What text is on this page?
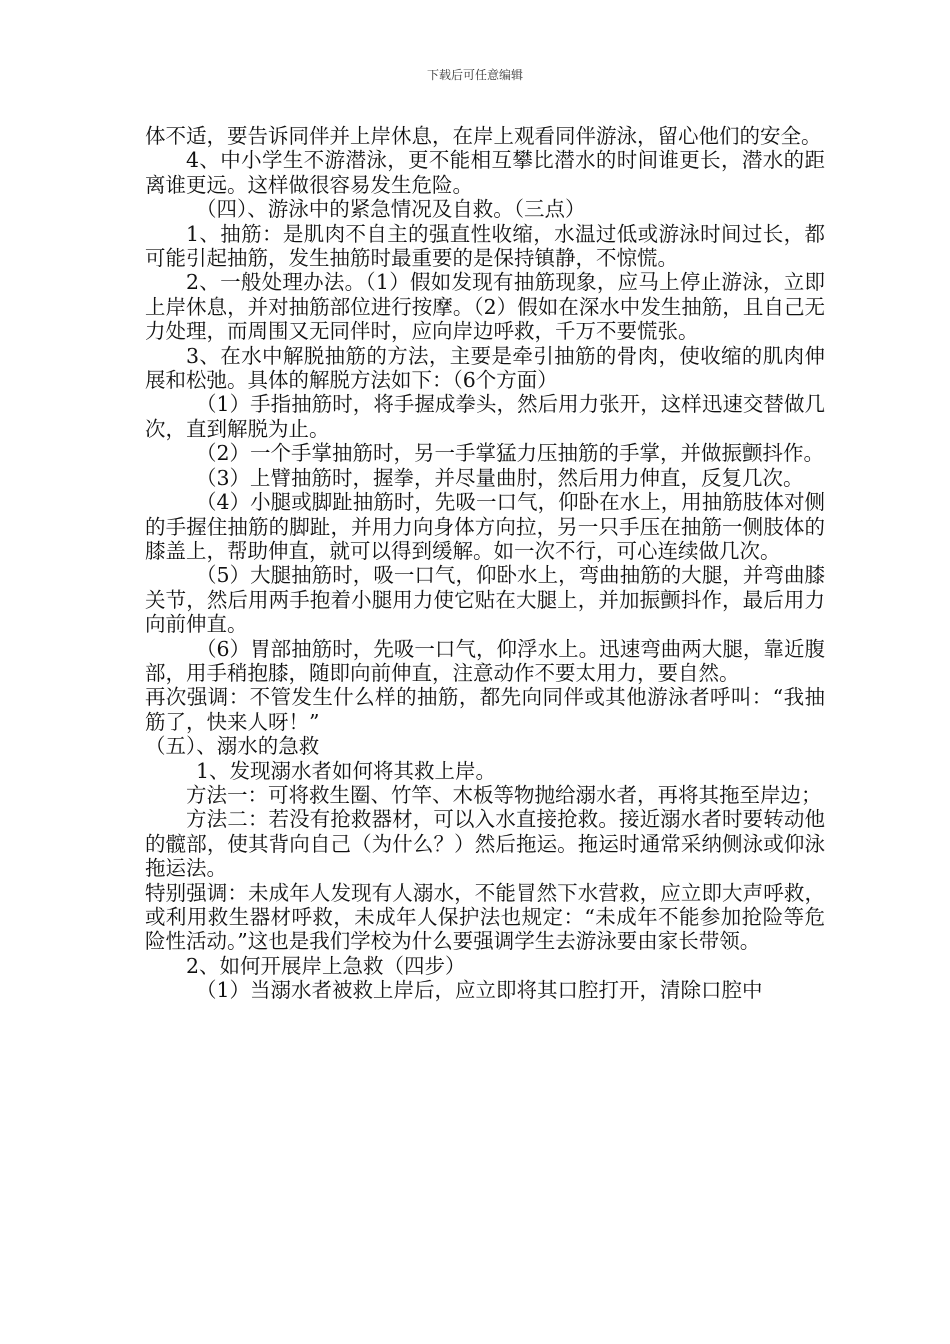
下载后可任意编辑

体不适，要告诉同伴并上岸休息，在岸上观看同伴游泳，留心他们的安全。

4、中小学生不游潜泳，更不能相互攀比潜水的时间谁更长，潜水的距离谁更远。这样做很容易发生危险。

（四）、游泳中的紧急情况及自救。（三点）

1、抽筋：是肌肉不自主的强直性收缩，水温过低或游泳时间过长，都可能引起抽筋，发生抽筋时最重要的是保持镇静，不惊慌。

2、一般处理办法。（1）假如发现有抽筋现象，应马上停止游泳，立即上岸休息，并对抽筋部位进行按摩。（2）假如在深水中发生抽筋，且自己无力处理，而周围又无同伴时，应向岸边呼救，千万不要慌张。

3、在水中解脱抽筋的方法，主要是牵引抽筋的骨肉，使收缩的肌肉伸展和松弛。具体的解脱方法如下：（6个方面）

（1）手指抽筋时，将手握成拳头，然后用力张开，这样迅速交替做几次，直到解脱为止。

（2）一个手掌抽筋时，另一手掌猛力压抽筋的手掌，并做振颤抖作。

（3）上臂抽筋时，握拳，并尽量曲肘，然后用力伸直，反复几次。

（4）小腿或脚趾抽筋时，先吸一口气，仰卧在水上，用抽筋肢体对侧的手握住抽筋的脚趾，并用力向身体方向拉，另一只手压在抽筋一侧肢体的膝盖上，帮助伸直，就可以得到缓解。如一次不行，可心连续做几次。

（5）大腿抽筋时，吸一口气，仰卧水上，弯曲抽筋的大腿，并弯曲膝关节，然后用两手抱着小腿用力使它贴在大腿上，并加振颤抖作，最后用力向前伸直。

（6）胃部抽筋时，先吸一口气，仰浮水上。迅速弯曲两大腿，靠近腹部，用手稍抱膝，随即向前伸直，注意动作不要太用力，要自然。

再次强调：不管发生什么样的抽筋，都先向同伴或其他游泳者呼叫：“我抽筋了，快来人呀！”

（五）、溺水的急救

1、发现溺水者如何将其救上岸。

方法一：可将救生圈、竹竿、木板等物抛给溺水者，再将其拖至岸边；

方法二：若没有抢救器材，可以入水直接抢救。接近溺水者时要转动他的髋部，使其背向自己（为什么？）然后拖运。拖运时通常采纳侧泳或仰泳拖运法。

特别强调：未成年人发现有人溺水，不能冒然下水营救，应立即大声呼救，或利用救生器材呼救，未成年人保护法也规定：“未成年不能参加抢险等危险性活动。”这也是我们学校为什么要强调学生去游泳要由家长带领。

2、如何开展岸上急救（四步）

（1）当溺水者被救上岸后，应立即将其口腔打开，清除口腔中
